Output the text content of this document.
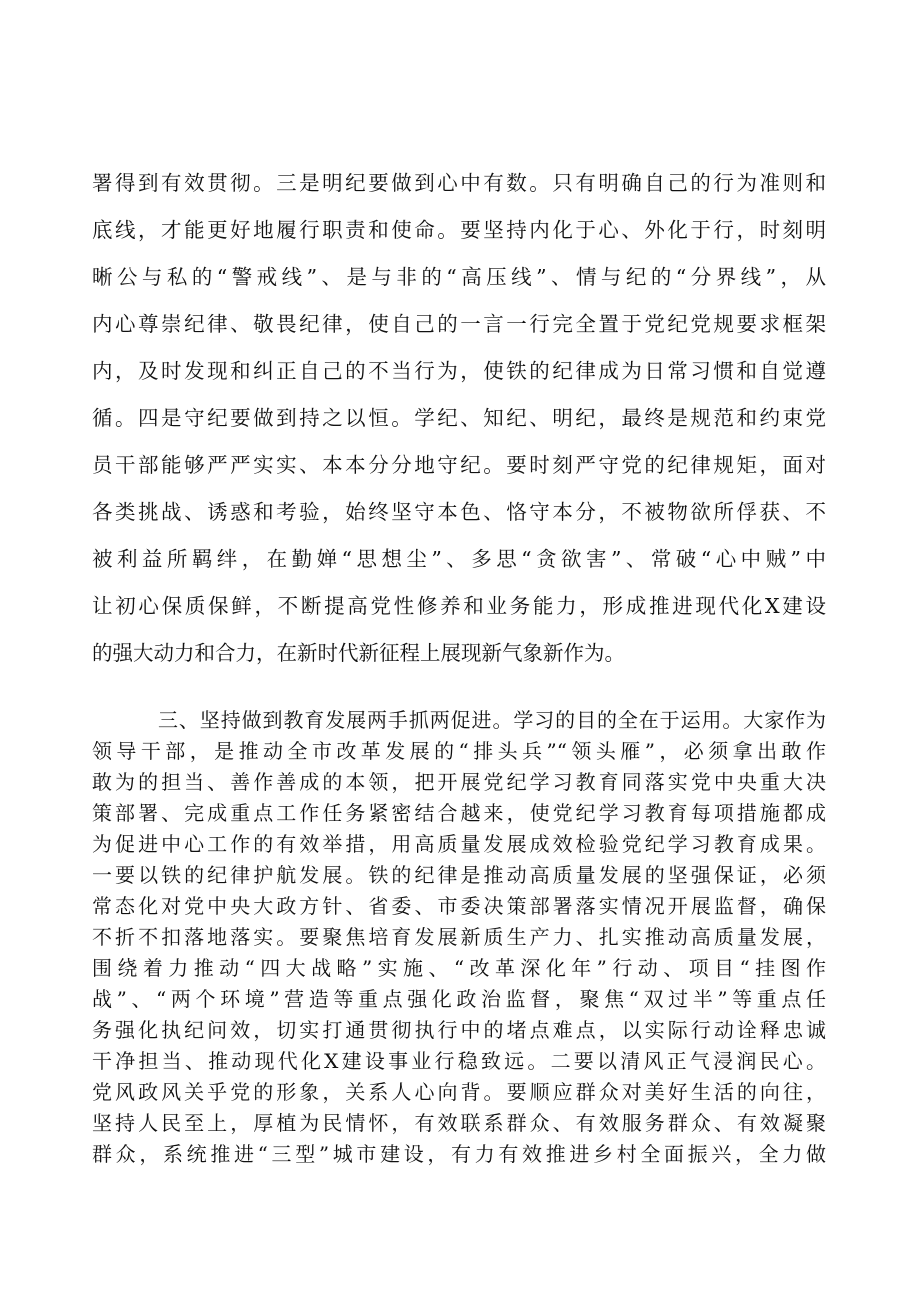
署得到有效贯彻。三是明纪要做到心中有数。只有明确自己的行为准则和

底线，才能更好地履行职责和使命。要坚持内化于心、外化于行，时刻明

晰公与私的“警戒线”、是与非的“高压线”、情与纪的“分界线”，从

内心尊崇纪律、敬畏纪律，使自己的一言一行完全置于党纪党规要求框架

内，及时发现和纠正自己的不当行为，使铁的纪律成为日常习惯和自觉遵

循。四是守纪要做到持之以恒。学纪、知纪、明纪，最终是规范和约束党

员干部能够严严实实、本本分分地守纪。要时刻严守党的纪律规矩，面对

各类挑战、诱惑和考验，始终坚守本色、恪守本分，不被物欲所俘获、不

被利益所羁绊，在勤婵“思想尘”、多思“贪欲害”、常破“心中贼”中

让初心保质保鲜，不断提高党性修养和业务能力，形成推进现代化X建设

的强大动力和合力，在新时代新征程上展现新气象新作为。

三、坚持做到教育发展两手抓两促进。学习的目的全在于运用。大家作为

领导干部，是推动全市改革发展的“排头兵”“领头雁”，必须拿出敢作

敢为的担当、善作善成的本领，把开展党纪学习教育同落实党中央重大决

策部署、完成重点工作任务紧密结合越来，使党纪学习教育每项措施都成

为促进中心工作的有效举措，用高质量发展成效检验党纪学习教育成果。

一要以铁的纪律护航发展。铁的纪律是推动高质量发展的坚强保证，必须

常态化对党中央大政方针、省委、市委决策部署落实情况开展监督，确保

不折不扣落地落实。要聚焦培育发展新质生产力、扎实推动高质量发展，

围绕着力推动“四大战略”实施、“改革深化年”行动、项目“挂图作

战”、“两个环境”营造等重点强化政治监督，聚焦“双过半”等重点任

务强化执纪问效，切实打通贯彻执行中的堵点难点，以实际行动诠释忠诚

干净担当、推动现代化X建设事业行稳致远。二要以清风正气浸润民心。

党风政风关乎党的形象，关系人心向背。要顺应群众对美好生活的向往，

坚持人民至上，厚植为民情怀，有效联系群众、有效服务群众、有效凝聚

群众，系统推进“三型”城市建设，有力有效推进乡村全面振兴，全力做
